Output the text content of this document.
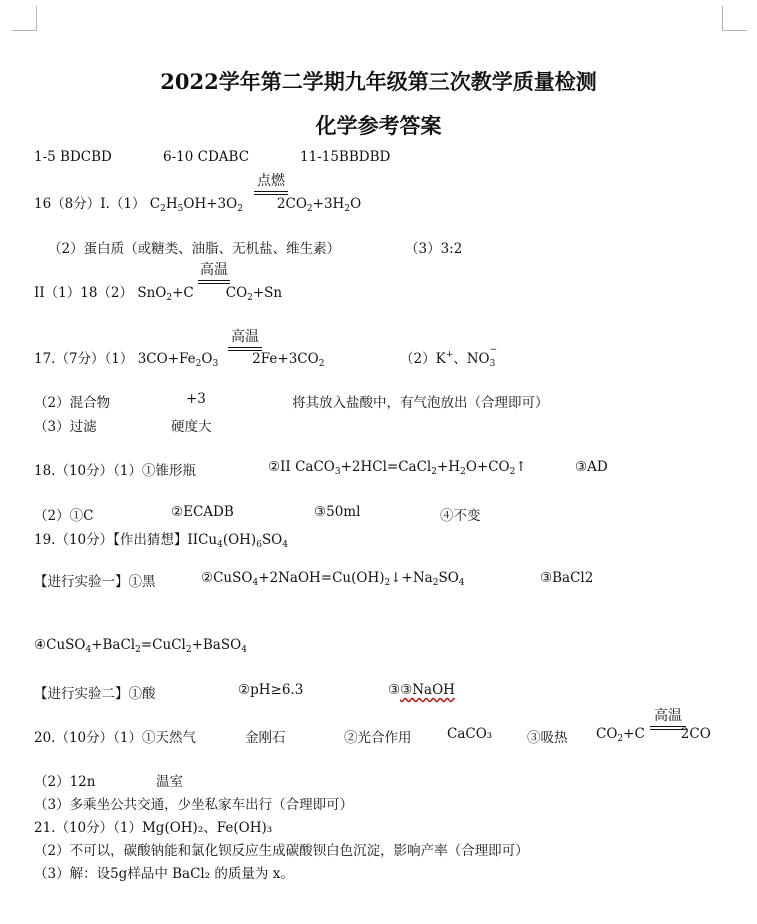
2022学年第二学期九年级第三次教学质量检测
化学参考答案
1-5 BDCBD	6-10 CDABC	11-15BBDBD
16（8分）I.（1） $C_2H_5OH+3O_2$	$2CO_2+3H_2O$
点燃
（2）蛋白质（或糖类、油脂、无机盐、维生素）	（3）3:2
II（1）18（2） SnO$_2$+C $CO_2+Sn$
高温
17.（7分）（1） $3CO+Fe_2O_3$	$2Fe+3CO_2$
高温
（2）K+、NO
−
$_3$
（2）混合物	+3	将其放入盐酸中，有气泡放出（合理即可）
（3）过滤	硬度大
18.（10分）（1）①锥形瓶	②II $CaCO_3+2HCl=CaCl_2+H_2O+CO_2↑$	③AD
（2）①C	②ECADB	③50ml	④不变
19.（10分）【作出猜想】$IICu_4(OH)_6SO_4$
【进行实验一】①黑	$②CuSO_4+2NaOH=Cu(OH)_2↓+Na_2SO_4$	③BaCl2
④CuSO$_4$+BaCl$_2$=CuCl$_2$+BaSO$_4$
【进行实验二】①酸	②pH≥6.3	③③NaOH
20.（10分）（1）①天然气	金刚石	②光合作用	CaCO₃	③吸热 $CO_2+C$	2CO
高温
（2）12n	温室
（3）多乘坐公共交通，少坐私家车出行（合理即可）
21.（10分）（1）Mg(OH)₂、Fe(OH)₃
（2）不可以，碳酸钠能和氯化钡反应生成碳酸钡白色沉淀，影响产率（合理即可）
（3）解：设5g样品中 BaCl₂ 的质量为 x。
